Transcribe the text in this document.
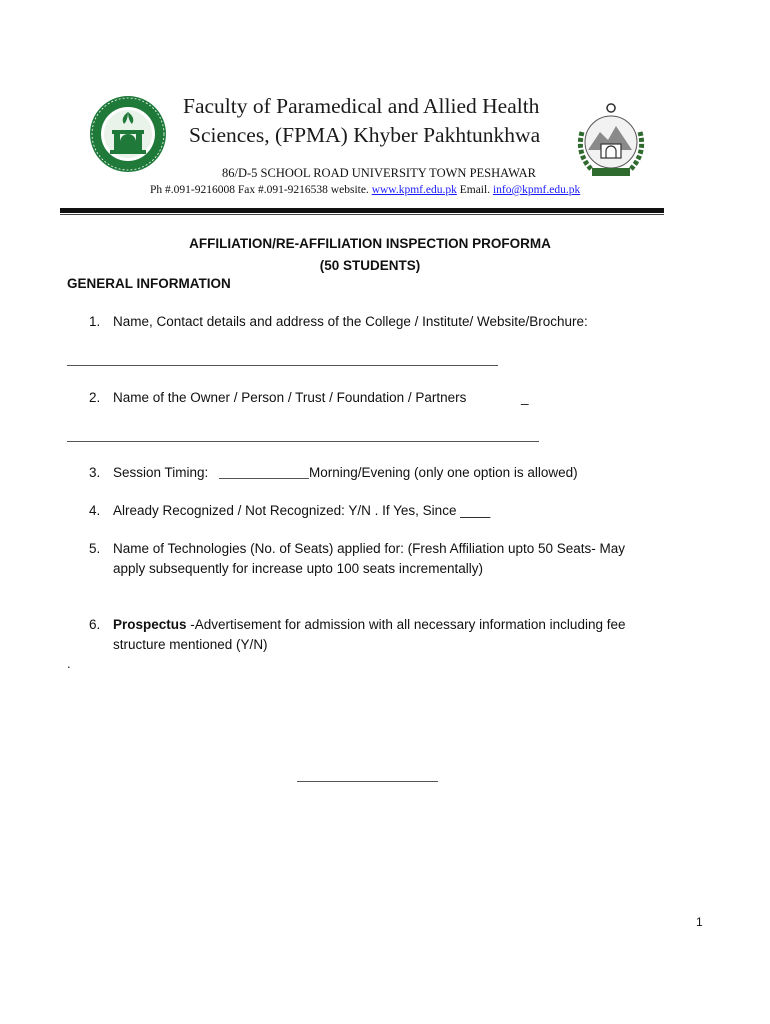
Faculty of Paramedical and Allied Health
Sciences, (FPMA) Khyber Pakhtunkhwa
86/D-5 SCHOOL ROAD UNIVERSITY TOWN PESHAWAR
Ph #.091-9216008 Fax #.091-9216538 website. www.kpmf.edu.pk Email. info@kpmf.edu.pk
AFFILIATION/RE-AFFILIATION INSPECTION PROFORMA
(50 STUDENTS)
GENERAL INFORMATION
1. Name, Contact details and address of the College / Institute/ Website/Brochure:
2. Name of the Owner / Person / Trust / Foundation / Partners	_
3. Session Timing:	Morning/Evening (only one option is allowed)
4. Already Recognized / Not Recognized: Y/N . If Yes, Since ____
5. Name of Technologies (No. of Seats) applied for: (Fresh Affiliation upto 50 Seats- May
apply subsequently for increase upto 100 seats incrementally)
6. Prospectus -Advertisement for admission with all necessary information including fee
structure mentioned (Y/N)
.
1
